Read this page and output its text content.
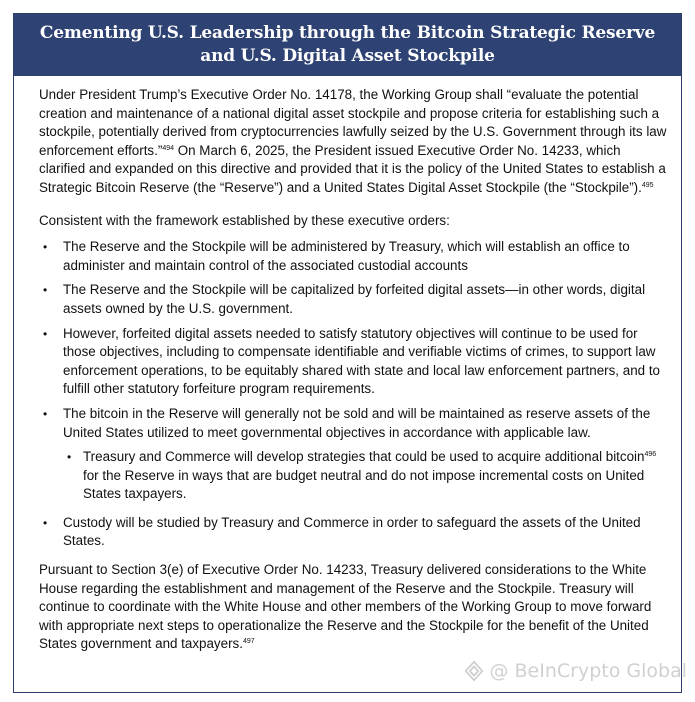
Cementing U.S. Leadership through the Bitcoin Strategic Reserve
and U.S. Digital Asset Stockpile

Under President Trump’s Executive Order No. 14178, the Working Group shall “evaluate the potential creation and maintenance of a national digital asset stockpile and propose criteria for establishing such a stockpile, potentially derived from cryptocurrencies lawfully seized by the U.S. Government through its law enforcement efforts.”$^{494}$ On March 6, 2025, the President issued Executive Order No. 14233, which clarified and expanded on this directive and provided that it is the policy of the United States to establish a Strategic Bitcoin Reserve (the “Reserve”) and a United States Digital Asset Stockpile (the “Stockpile”).$^{495}$

Consistent with the framework established by these executive orders:

• The Reserve and the Stockpile will be administered by Treasury, which will establish an office to administer and maintain control of the associated custodial accounts
• The Reserve and the Stockpile will be capitalized by forfeited digital assets—in other words, digital assets owned by the U.S. government.
• However, forfeited digital assets needed to satisfy statutory objectives will continue to be used for those objectives, including to compensate identifiable and verifiable victims of crimes, to support law enforcement operations, to be equitably shared with state and local law enforcement partners, and to fulfill other statutory forfeiture program requirements.
• The bitcoin in the Reserve will generally not be sold and will be maintained as reserve assets of the United States utilized to meet governmental objectives in accordance with applicable law.
• Treasury and Commerce will develop strategies that could be used to acquire additional bitcoin$^{496}$ for the Reserve in ways that are budget neutral and do not impose incremental costs on United States taxpayers.
• Custody will be studied by Treasury and Commerce in order to safeguard the assets of the United States.

Pursuant to Section 3(e) of Executive Order No. 14233, Treasury delivered considerations to the White House regarding the establishment and management of the Reserve and the Stockpile. Treasury will continue to coordinate with the White House and other members of the Working Group to move forward with appropriate next steps to operationalize the Reserve and the Stockpile for the benefit of the United States government and taxpayers.$^{497}$

@ BeInCrypto Global
